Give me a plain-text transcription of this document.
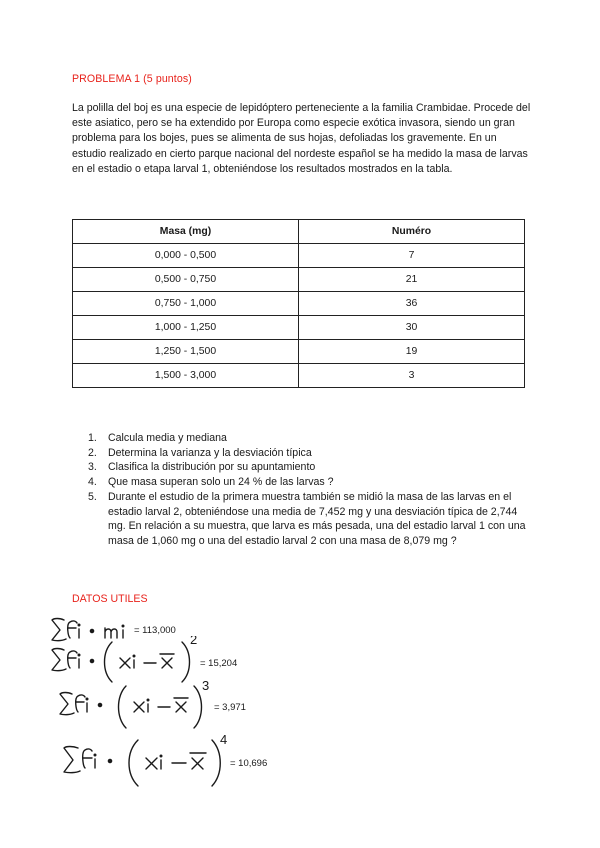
PROBLEMA 1 (5 puntos)

La polilla del boj es una especie de lepidóptero perteneciente a la familia Crambidae. Procede del este asiatico, pero se ha extendido por Europa como especie exótica invasora, siendo un gran problema para los bojes, pues se alimenta de sus hojas, defoliadas los gravemente. En un estudio realizado en cierto parque nacional del nordeste español se ha medido la masa de larvas en el estadio o etapa larval 1, obteniéndose los resultados mostrados en la tabla.

Masa (mg)	Numéro
0,000 - 0,500	7
0,500 - 0,750	21
0,750 - 1,000	36
1,000 - 1,250	30
1,250 - 1,500	19
1,500 - 3,000	3
1. Calcula media y mediana
2. Determina la varianza y la desviación típica
3. Clasifica la distribución por su apuntamiento
4. Que masa superan solo un 24 % de las larvas ?
5. Durante el estudio de la primera muestra también se midió la masa de las larvas en el estadio larval 2, obteniéndose una media de 7,452 mg y una desviación típica de 2,744 mg. En relación a su muestra, que larva es más pesada, una del estadio larval 1 con una masa de 1,060 mg o una del estadio larval 2 con una masa de 8,079 mg ?
DATOS UTILES
= 113,000
2
= 15,204
3
= 3,971
4
= 10,696
